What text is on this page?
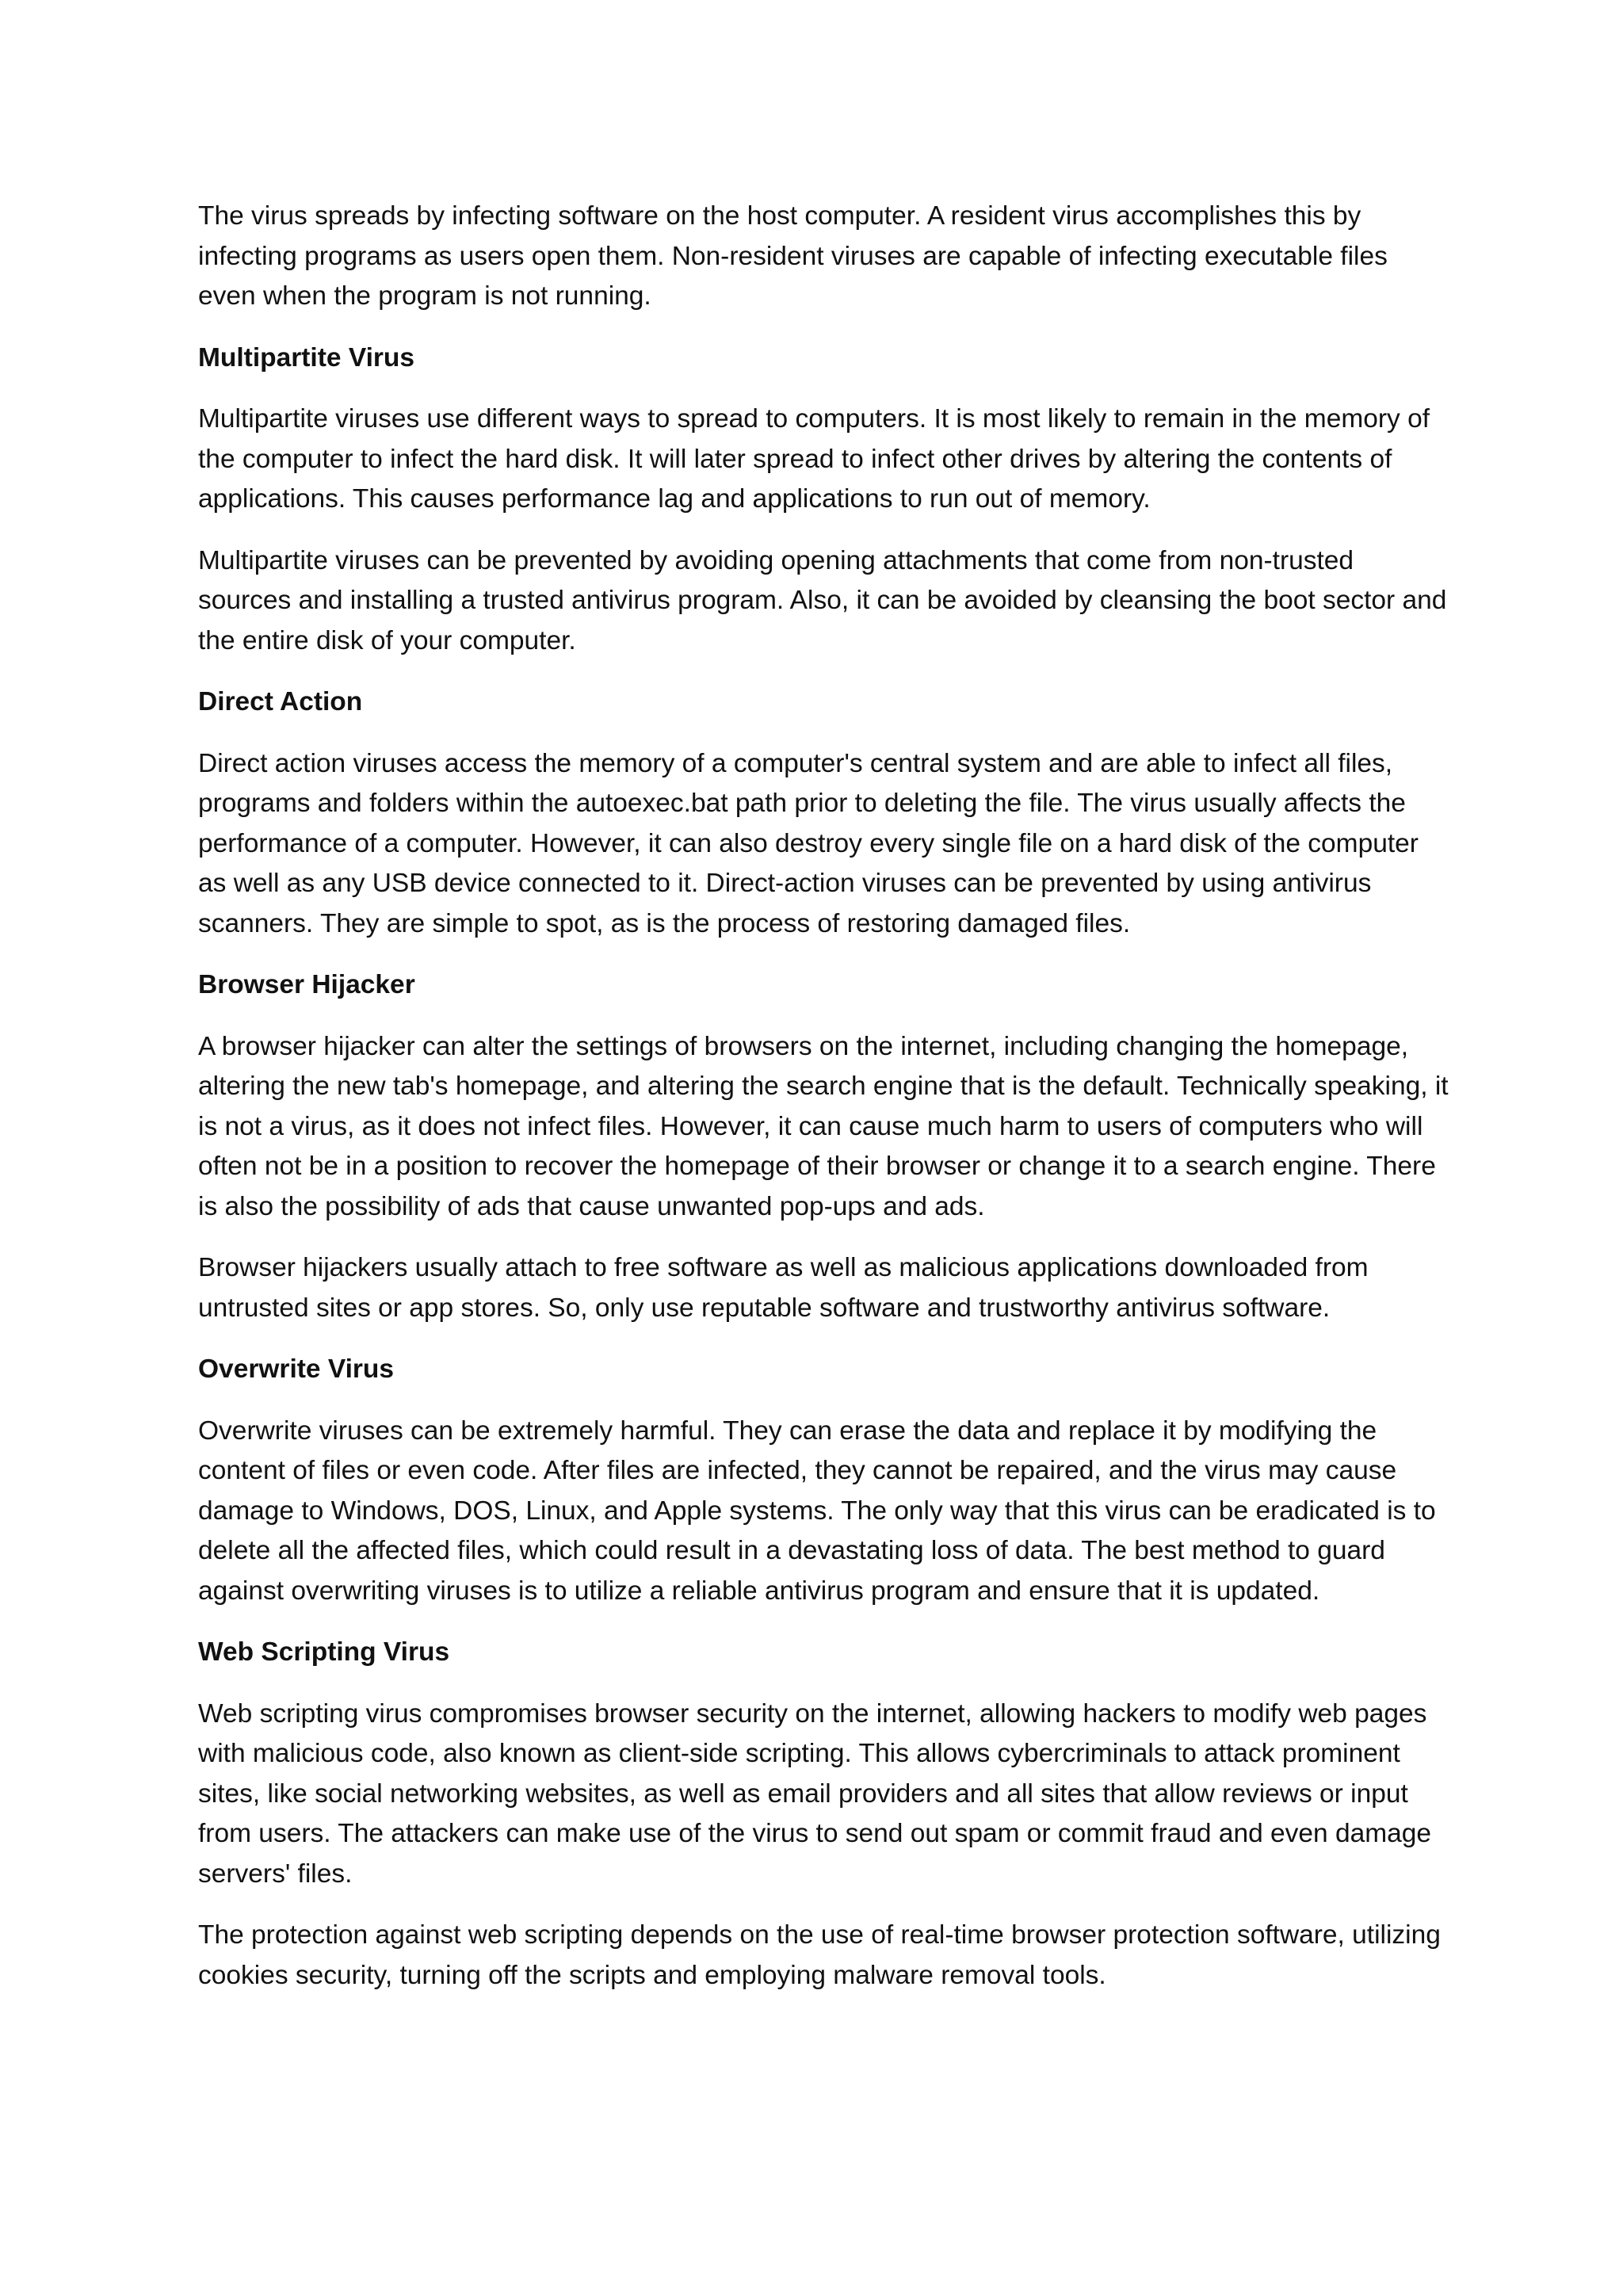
The virus spreads by infecting software on the host computer. A resident virus accomplishes this by infecting programs as users open them. Non-resident viruses are capable of infecting executable files even when the program is not running.

Multipartite Virus

Multipartite viruses use different ways to spread to computers. It is most likely to remain in the memory of the computer to infect the hard disk. It will later spread to infect other drives by altering the contents of applications. This causes performance lag and applications to run out of memory.

Multipartite viruses can be prevented by avoiding opening attachments that come from non-trusted sources and installing a trusted antivirus program. Also, it can be avoided by cleansing the boot sector and the entire disk of your computer.

Direct Action

Direct action viruses access the memory of a computer's central system and are able to infect all files, programs and folders within the autoexec.bat path prior to deleting the file. The virus usually affects the performance of a computer. However, it can also destroy every single file on a hard disk of the computer as well as any USB device connected to it. Direct-action viruses can be prevented by using antivirus scanners. They are simple to spot, as is the process of restoring damaged files.

Browser Hijacker

A browser hijacker can alter the settings of browsers on the internet, including changing the homepage, altering the new tab's homepage, and altering the search engine that is the default. Technically speaking, it is not a virus, as it does not infect files. However, it can cause much harm to users of computers who will often not be in a position to recover the homepage of their browser or change it to a search engine. There is also the possibility of ads that cause unwanted pop-ups and ads.

Browser hijackers usually attach to free software as well as malicious applications downloaded from untrusted sites or app stores. So, only use reputable software and trustworthy antivirus software.

Overwrite Virus

Overwrite viruses can be extremely harmful. They can erase the data and replace it by modifying the content of files or even code. After files are infected, they cannot be repaired, and the virus may cause damage to Windows, DOS, Linux, and Apple systems. The only way that this virus can be eradicated is to delete all the affected files, which could result in a devastating loss of data. The best method to guard against overwriting viruses is to utilize a reliable antivirus program and ensure that it is updated.

Web Scripting Virus

Web scripting virus compromises browser security on the internet, allowing hackers to modify web pages with malicious code, also known as client-side scripting. This allows cybercriminals to attack prominent sites, like social networking websites, as well as email providers and all sites that allow reviews or input from users. The attackers can make use of the virus to send out spam or commit fraud and even damage servers' files.

The protection against web scripting depends on the use of real-time browser protection software, utilizing cookies security, turning off the scripts and employing malware removal tools.
